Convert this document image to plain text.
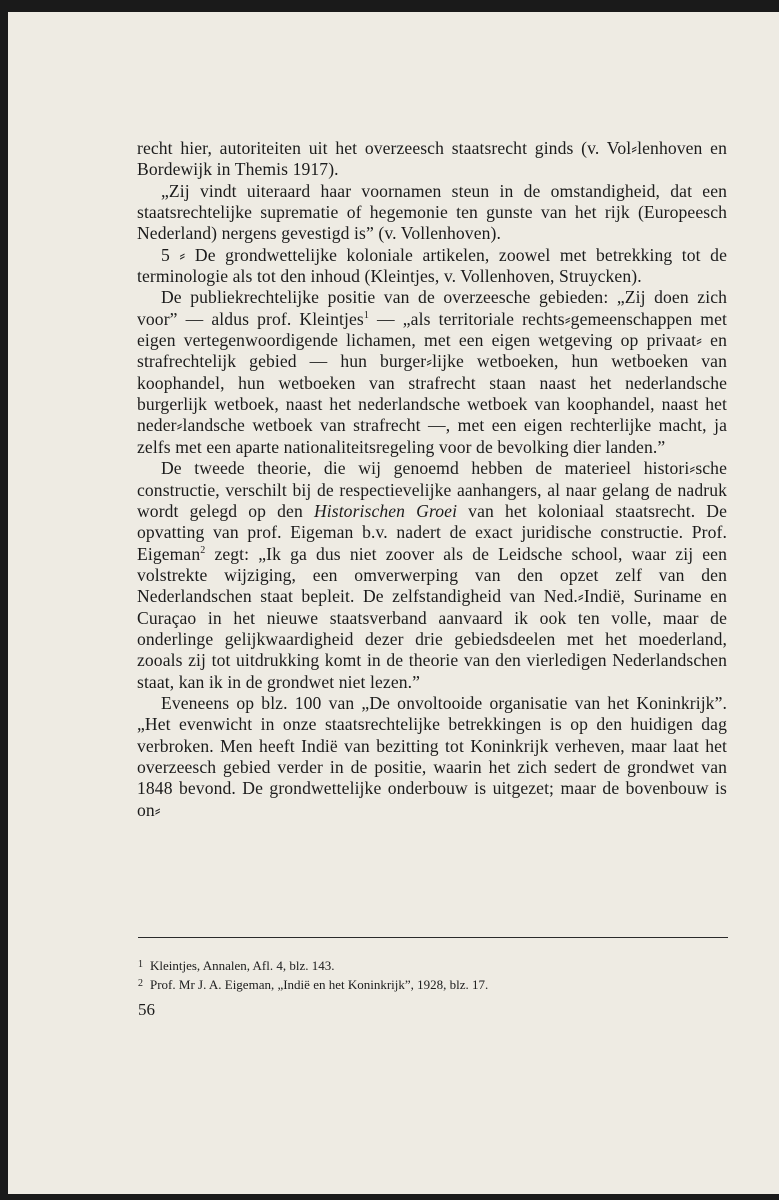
recht hier, autoriteiten uit het overzeesch staatsrecht ginds (v. Vol⸗lenhoven en Bordewijk in Themis 1917).

„Zij vindt uiteraard haar voornamen steun in de omstandigheid, dat een staatsrechtelijke suprematie of hegemonie ten gunste van het rijk (Europeesch Nederland) nergens gevestigd is” (v. Vollenhoven).

5 ⸗ De grondwettelijke koloniale artikelen, zoowel met betrekking tot de terminologie als tot den inhoud (Kleintjes, v. Vollenhoven, Struycken).

De publiekrechtelijke positie van de overzeesche gebieden: „Zij doen zich voor” — aldus prof. Kleintjes$^1$ — „als territoriale rechts⸗gemeenschappen met eigen vertegenwoordigende lichamen, met een eigen wetgeving op privaat⸗ en strafrechtelijk gebied — hun burger⸗lijke wetboeken, hun wetboeken van koophandel, hun wetboeken van strafrecht staan naast het nederlandsche burgerlijk wetboek, naast het nederlandsche wetboek van koophandel, naast het neder⸗landsche wetboek van strafrecht —, met een eigen rechterlijke macht, ja zelfs met een aparte nationaliteitsregeling voor de bevolking dier landen.”

De tweede theorie, die wij genoemd hebben de materieel histori⸗sche constructie, verschilt bij de respectievelijke aanhangers, al naar gelang de nadruk wordt gelegd op den Historischen Groei van het koloniaal staatsrecht. De opvatting van prof. Eigeman b.v. nadert de exact juridische constructie. Prof. Eigeman$^2$ zegt: „Ik ga dus niet zoover als de Leidsche school, waar zij een volstrekte wijziging, een omverwerping van den opzet zelf van den Nederlandschen staat bepleit. De zelfstandigheid van Ned.⸗Indië, Suriname en Curaçao in het nieuwe staatsverband aanvaard ik ook ten volle, maar de onderlinge gelijkwaardigheid dezer drie gebiedsdeelen met het moederland, zooals zij tot uitdrukking komt in de theorie van den vierledigen Nederlandschen staat, kan ik in de grondwet niet lezen.”

Eveneens op blz. 100 van „De onvoltooide organisatie van het Koninkrijk”. „Het evenwicht in onze staatsrechtelijke betrekkingen is op den huidigen dag verbroken. Men heeft Indië van bezitting tot Koninkrijk verheven, maar laat het overzeesch gebied verder in de positie, waarin het zich sedert de grondwet van 1848 bevond. De grondwettelijke onderbouw is uitgezet; maar de bovenbouw is on⸗

1 Kleintjes, Annalen, Afl. 4, blz. 143.
2 Prof. Mr J. A. Eigeman, „Indië en het Koninkrijk”, 1928, blz. 17.
56
